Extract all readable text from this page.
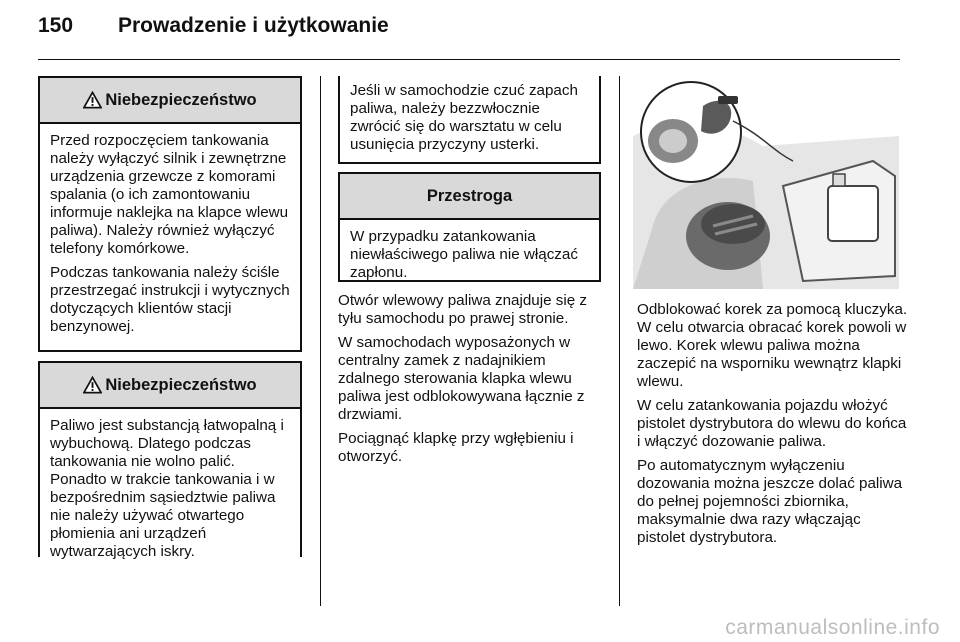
150 Prowadzenie i użytkowanie
Niebezpieczeństwo

Przed rozpoczęciem tankowania należy wyłączyć silnik i zewnętrzne urządzenia grzewcze z komorami spalania (o ich zamontowaniu informuje naklejka na klapce wlewu paliwa). Należy również wyłączyć telefony komórkowe.

Podczas tankowania należy ściśle przestrzegać instrukcji i wytycznych dotyczących klientów stacji benzynowej.

Niebezpieczeństwo

Paliwo jest substancją łatwopalną i wybuchową. Dlatego podczas tankowania nie wolno palić. Ponadto w trakcie tankowania i w bezpośrednim sąsiedztwie paliwa nie należy używać otwartego płomienia ani urządzeń wytwarzających iskry.

Jeśli w samochodzie czuć zapach paliwa, należy bezzwłocznie zwrócić się do warsztatu w celu usunięcia przyczyny usterki.

Przestroga

W przypadku zatankowania niewłaściwego paliwa nie włączać zapłonu.

Otwór wlewowy paliwa znajduje się z tyłu samochodu po prawej stronie.

W samochodach wyposażonych w centralny zamek z nadajnikiem zdalnego sterowania klapka wlewu paliwa jest odblokowywana łącznie z drzwiami.

Pociągnąć klapkę przy wgłębieniu i otworzyć.

Odblokować korek za pomocą kluczyka. W celu otwarcia obracać korek powoli w lewo. Korek wlewu paliwa można zaczepić na wsporniku wewnątrz klapki wlewu.

W celu zatankowania pojazdu włożyć pistolet dystrybutora do wlewu do końca i włączyć dozowanie paliwa.

Po automatycznym wyłączeniu dozowania można jeszcze dolać paliwa do pełnej pojemności zbiornika, maksymalnie dwa razy włączając pistolet dystrybutora.

carmanualsonline.info
